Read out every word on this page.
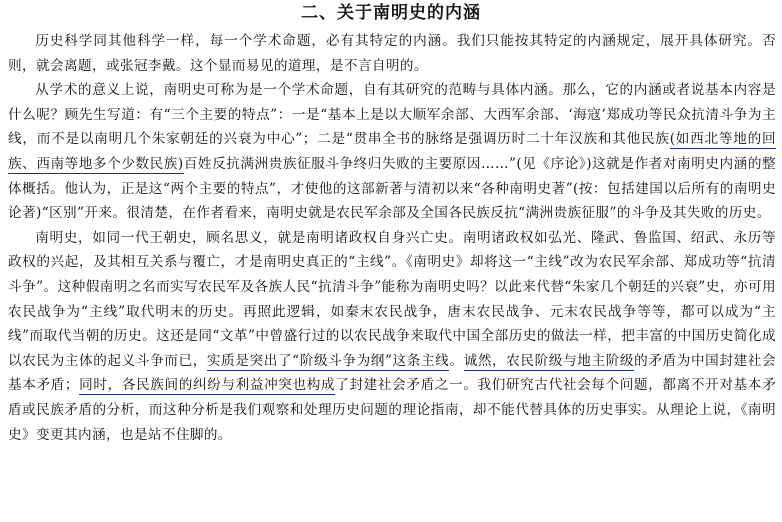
二、关于南明史的内涵

历史科学同其他科学一样，每一个学术命题，必有其特定的内涵。我们只能按其特定的内涵规定，展开具体研究。否则，就会离题，或张冠李戴。这个显而易见的道理，是不言自明的。

从学术的意义上说，南明史可称为是一个学术命题，自有其研究的范畴与具体内涵。那么，它的内涵或者说基本内容是什么呢？顾先生写道：有“三个主要的特点”：一是“基本上是以大顺军余部、大西军余部、‘海寇’郑成功等民众抗清斗争为主线，而不是以南明几个朱家朝廷的兴衰为中心”；二是“贯串全书的脉络是强调历时二十年汉族和其他民族(如西北等地的回族、西南等地多个少数民族)百姓反抗满洲贵族征服斗争终归失败的主要原因……”(见《序论》)这就是作者对南明史内涵的整体概括。他认为，正是这“两个主要的特点”，才使他的这部新著与清初以来“各种南明史著”(按：包括建国以后所有的南明史论著)“区别”开来。很清楚，在作者看来，南明史就是农民军余部及全国各民族反抗“满洲贵族征服”的斗争及其失败的历史。

南明史，如同一代王朝史，顾名思义，就是南明诸政权自身兴亡史。南明诸政权如弘光、隆武、鲁监国、绍武、永历等政权的兴起，及其相互关系与覆亡，才是南明史真正的“主线”。《南明史》却将这一“主线”改为农民军余部、郑成功等“抗清斗争”。这种假南明之名而实写农民军及各族人民“抗清斗争”能称为南明史吗？以此来代替“朱家几个朝廷的兴衰”史，亦可用农民战争为“主线”取代明末的历史。再照此逻辑，如秦末农民战争，唐末农民战争、元末农民战争等等，都可以成为“主线”而取代当朝的历史。这还是同“文革”中曾盛行过的以农民战争来取代中国全部历史的做法一样，把丰富的中国历史简化成以农民为主体的起义斗争而已，实质是突出了“阶级斗争为纲”这条主线。诚然，农民阶级与地主阶级的矛盾为中国封建社会基本矛盾；同时，各民族间的纠纷与利益冲突也构成了封建社会矛盾之一。我们研究古代社会每个问题，都离不开对基本矛盾或民族矛盾的分析，而这种分析是我们观察和处理历史问题的理论指南，却不能代替具体的历史事实。从理论上说，《南明史》变更其内涵，也是站不住脚的。
